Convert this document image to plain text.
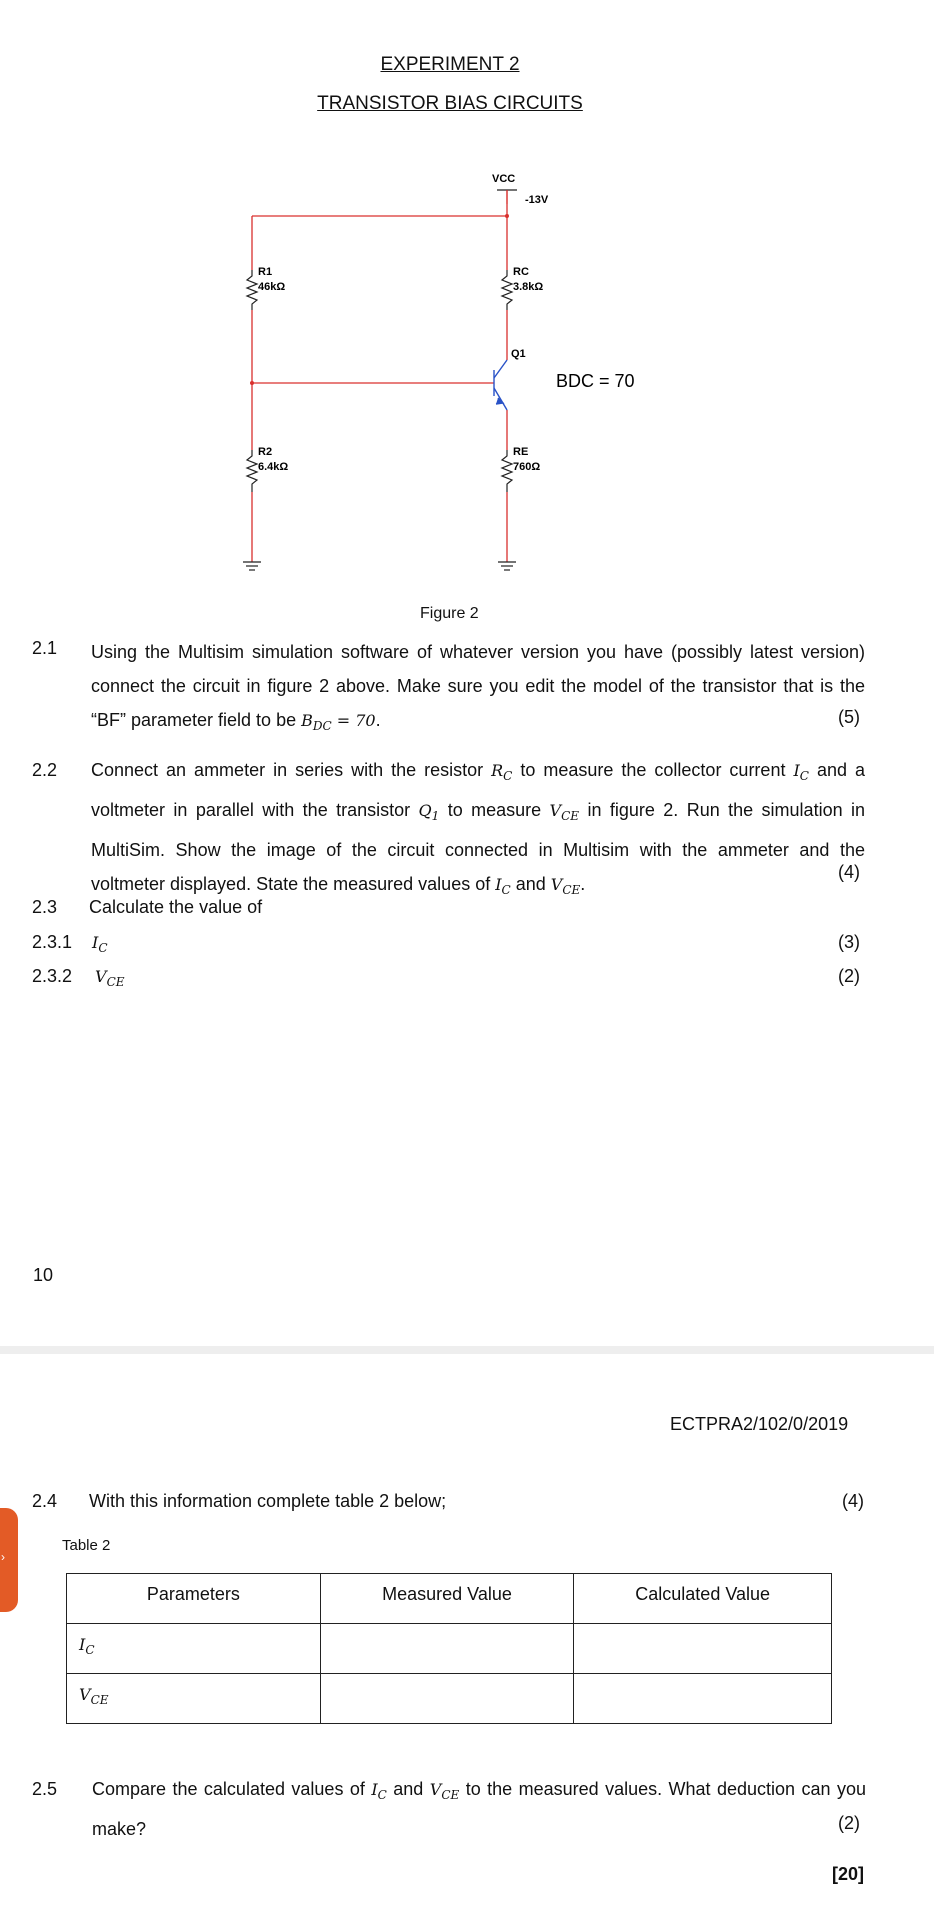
EXPERIMENT 2
TRANSISTOR BIAS CIRCUITS
VCC
-13V
R1
46kΩ
R2
6.4kΩ
RC
3.8kΩ
RE
760Ω
Q1
BDC = 70
Figure 2
2.1 Using the Multisim simulation software of whatever version you have (possibly latest version) connect the circuit in figure 2 above. Make sure you edit the model of the transistor that is the “BF” parameter field to be $B_{DC} = 70$.	(5)
2.2 Connect an ammeter in series with the resistor $R_C$ to measure the collector current $I_C$ and a voltmeter in parallel with the transistor $Q_1$ to measure $V_{CE}$ in figure 2. Run the simulation in MultiSim. Show the image of the circuit connected in Multisim with the ammeter and the voltmeter displayed. State the measured values of $I_C$ and $V_{CE}$.
(4)
2.3 Calculate the value of
2.3.1 $I_C$	(3)
2.3.2 $V_{CE}$	(2)
10
ECTPRA2/102/0/2019
2.4 With this information complete table 2 below;	(4)
›
Table 2
Parameters	Measured Value	Calculated Value
$I_C$		
$V_{CE}$		
2.5 Compare the calculated values of $I_C$ and $V_{CE}$ to the measured values. What deduction can you make?	(2)
[20]
